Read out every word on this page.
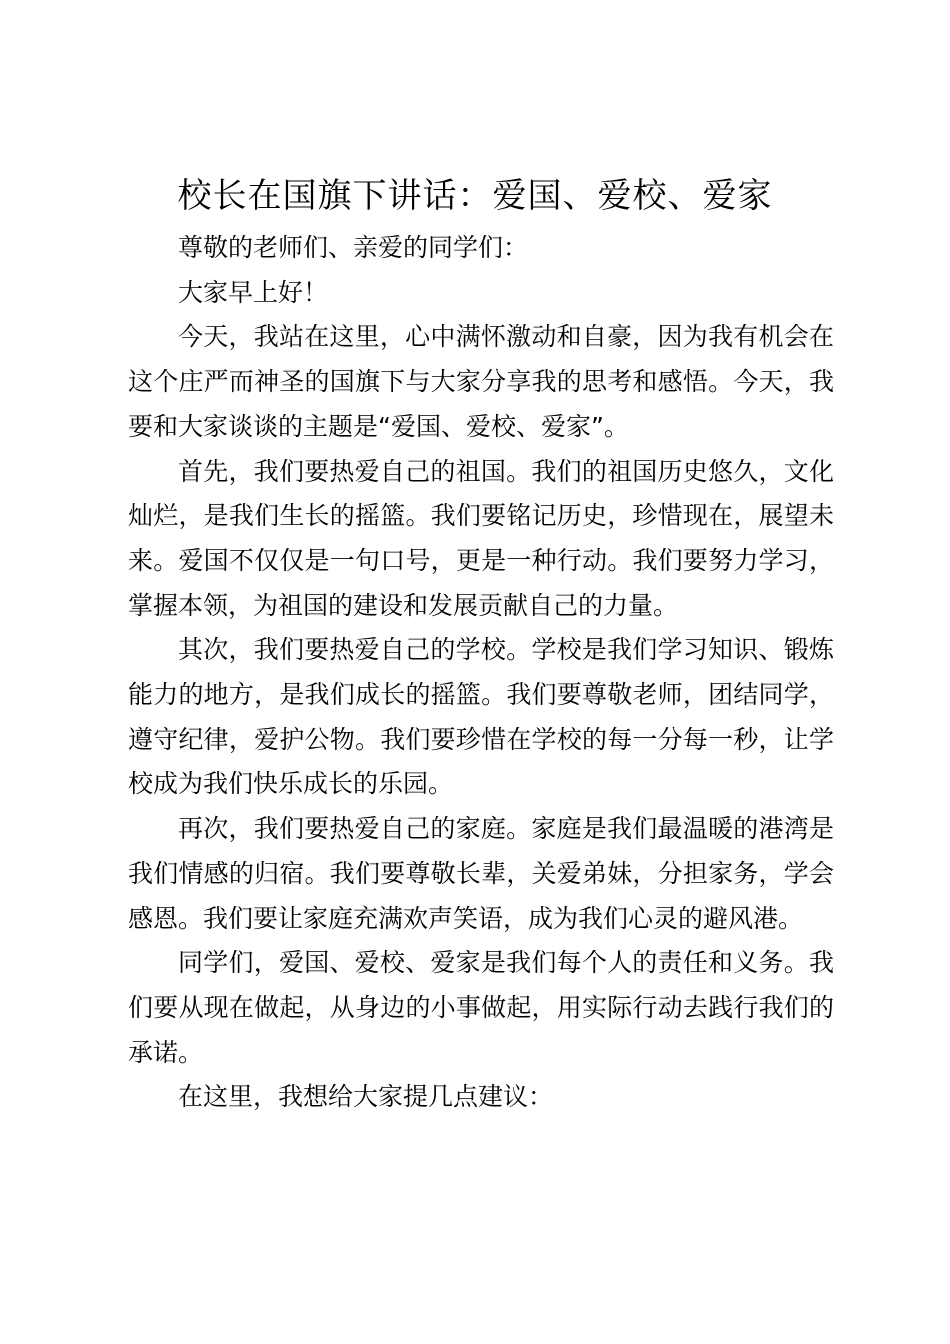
校长在国旗下讲话：爱国、爱校、爱家

尊敬的老师们、亲爱的同学们：

大家早上好！

今天，我站在这里，心中满怀激动和自豪，因为我有机会在这个庄严而神圣的国旗下与大家分享我的思考和感悟。今天，我要和大家谈谈的主题是“爱国、爱校、爱家”。

首先，我们要热爱自己的祖国。我们的祖国历史悠久，文化灿烂，是我们生长的摇篮。我们要铭记历史，珍惜现在，展望未来。爱国不仅仅是一句口号，更是一种行动。我们要努力学习，掌握本领，为祖国的建设和发展贡献自己的力量。

其次，我们要热爱自己的学校。学校是我们学习知识、锻炼能力的地方，是我们成长的摇篮。我们要尊敬老师，团结同学，遵守纪律，爱护公物。我们要珍惜在学校的每一分每一秒，让学校成为我们快乐成长的乐园。

再次，我们要热爱自己的家庭。家庭是我们最温暖的港湾是我们情感的归宿。我们要尊敬长辈，关爱弟妹，分担家务，学会感恩。我们要让家庭充满欢声笑语，成为我们心灵的避风港。

同学们，爱国、爱校、爱家是我们每个人的责任和义务。我们要从现在做起，从身边的小事做起，用实际行动去践行我们的承诺。

在这里，我想给大家提几点建议：
